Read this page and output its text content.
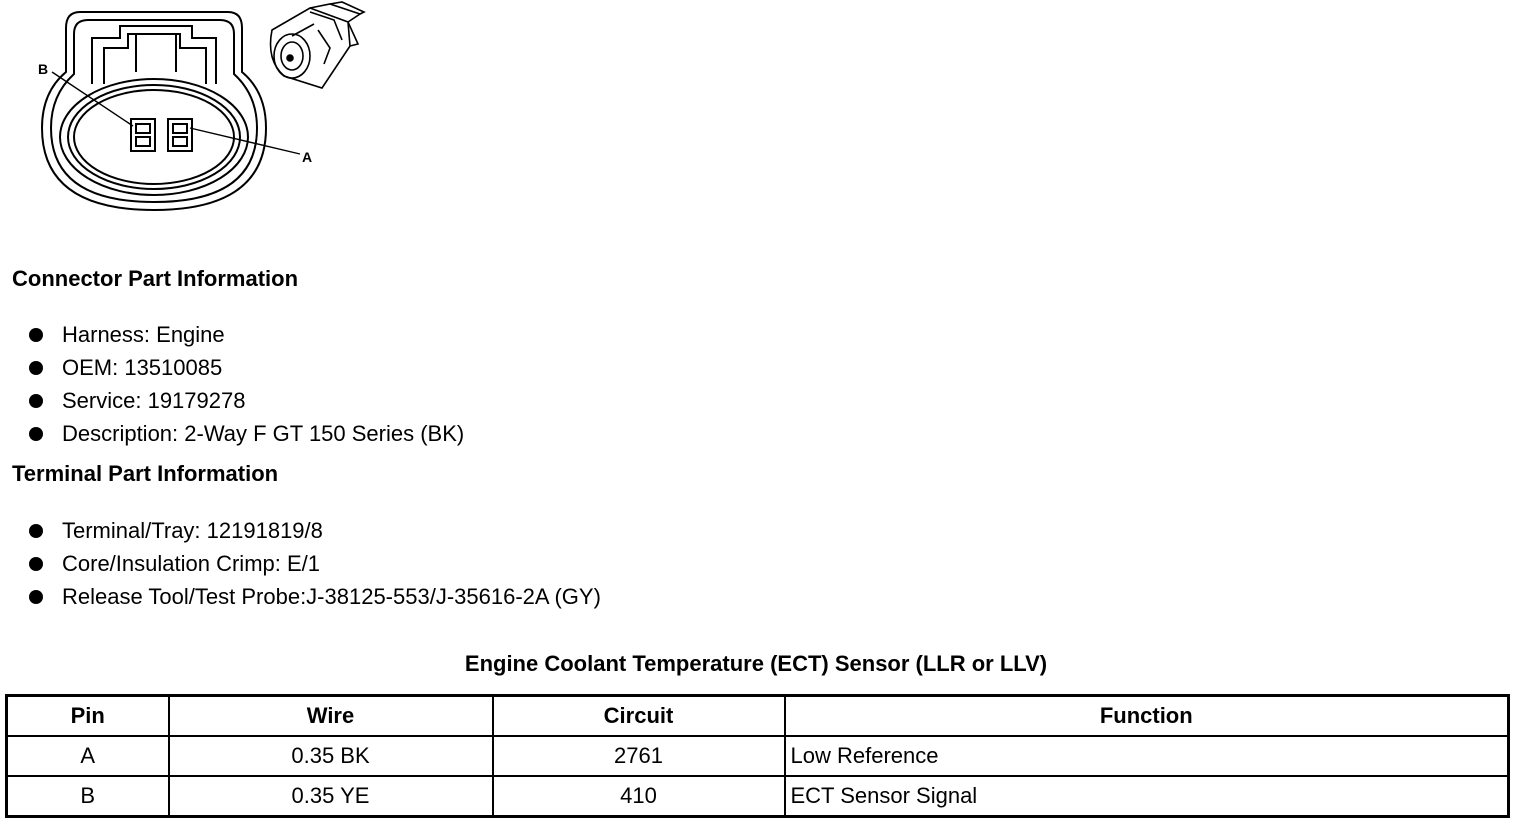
B
A
Connector Part Information
Harness: Engine
OEM: 13510085
Service: 19179278
Description: 2-Way F GT 150 Series (BK)
Terminal Part Information
Terminal/Tray: 12191819/8
Core/Insulation Crimp: E/1
Release Tool/Test Probe:J-38125-553/J-35616-2A (GY)
Engine Coolant Temperature (ECT) Sensor (LLR or LLV)
Pin	Wire	Circuit	Function
A	0.35 BK	2761	Low Reference
B	0.35 YE	410	ECT Sensor Signal
